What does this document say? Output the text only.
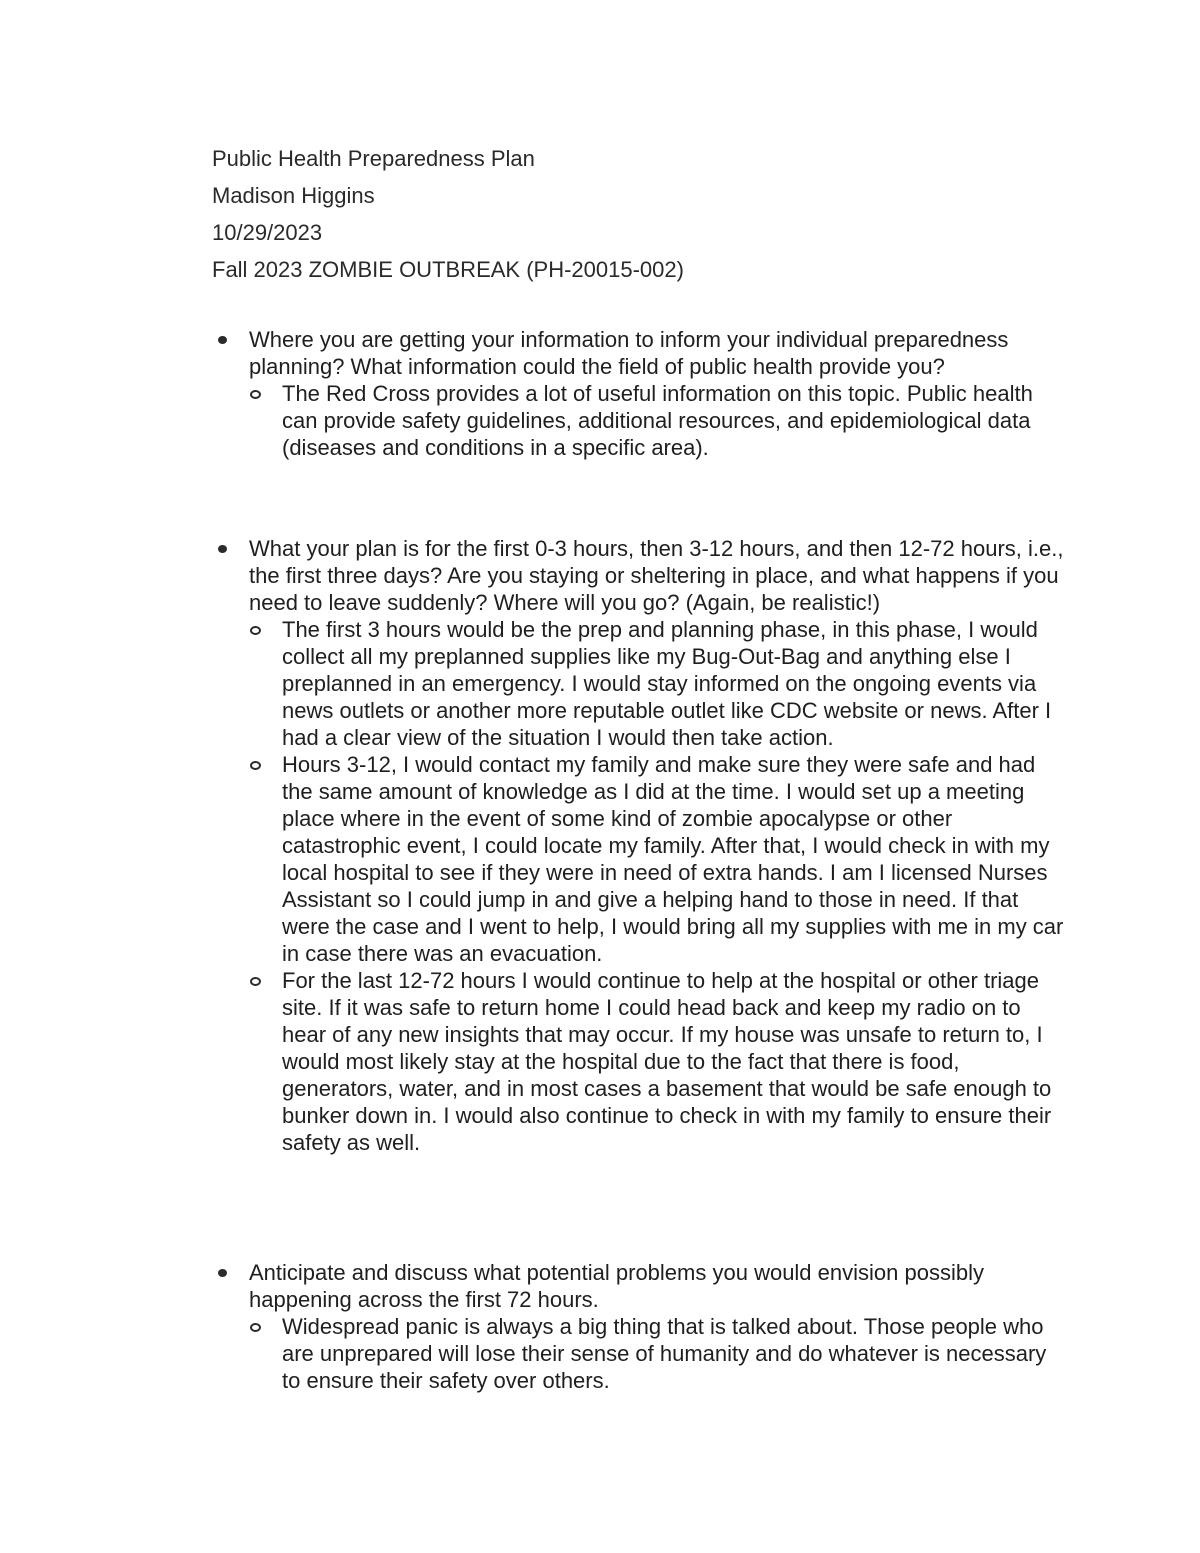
Public Health Preparedness Plan
Madison Higgins
10/29/2023
Fall 2023 ZOMBIE OUTBREAK (PH-20015-002)
Where you are getting your information to inform your individual preparedness planning? What information could the field of public health provide you?
The Red Cross provides a lot of useful information on this topic. Public health can provide safety guidelines, additional resources, and epidemiological data (diseases and conditions in a specific area).
What your plan is for the first 0-3 hours, then 3-12 hours, and then 12-72 hours, i.e., the first three days? Are you staying or sheltering in place, and what happens if you need to leave suddenly? Where will you go? (Again, be realistic!)
The first 3 hours would be the prep and planning phase, in this phase, I would collect all my preplanned supplies like my Bug-Out-Bag and anything else I preplanned in an emergency. I would stay informed on the ongoing events via news outlets or another more reputable outlet like CDC website or news. After I had a clear view of the situation I would then take action.
Hours 3-12, I would contact my family and make sure they were safe and had the same amount of knowledge as I did at the time. I would set up a meeting place where in the event of some kind of zombie apocalypse or other catastrophic event, I could locate my family. After that, I would check in with my local hospital to see if they were in need of extra hands. I am I licensed Nurses Assistant so I could jump in and give a helping hand to those in need. If that were the case and I went to help, I would bring all my supplies with me in my car in case there was an evacuation.
For the last 12-72 hours I would continue to help at the hospital or other triage site. If it was safe to return home I could head back and keep my radio on to hear of any new insights that may occur. If my house was unsafe to return to, I would most likely stay at the hospital due to the fact that there is food, generators, water, and in most cases a basement that would be safe enough to bunker down in. I would also continue to check in with my family to ensure their safety as well.
Anticipate and discuss what potential problems you would envision possibly happening across the first 72 hours.
Widespread panic is always a big thing that is talked about. Those people who are unprepared will lose their sense of humanity and do whatever is necessary to ensure their safety over others.
